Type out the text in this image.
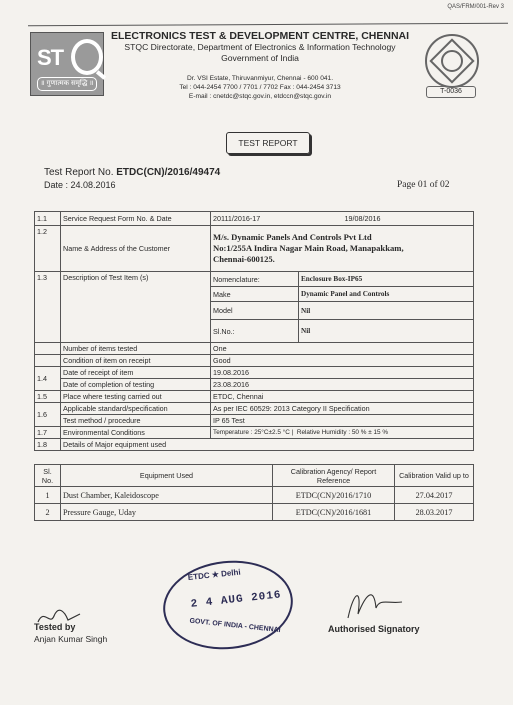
QAS/FRM/001-Rev 3
ST
॥ गुणात्मक समृद्धि ॥
ELECTRONICS TEST & DEVELOPMENT CENTRE, CHENNAI
STQC Directorate, Department of Electronics & Information Technology
Government of India
Dr. VSI Estate, Thiruvanmiyur, Chennai - 600 041.
Tel : 044-2454 7700 / 7701 / 7702 Fax : 044-2454 3713
E-mail : cnetdc@stqc.gov.in, etdccn@stqc.gov.in
T-0036
TEST REPORT
Test Report No. ETDC(CN)/2016/49474
Date : 24.08.2016	Page 01 of 02
1.1	Service Request Form No. & Date	20111/2016-17 19/08/2016	

1.2	Name & Address of the Customer	M/s. Dynamic Panels And Controls Pvt Ltd
No:1/255A Indira Nagar Main Road, Manapakkam,
Chennai-600125.	

1.3	Description of Test Item (s)	Nomenclature:	Enclosure Box-IP65
		Make	Dynamic Panel and Controls
		Model	Nil
		Sl.No.:	Nil
	Number of items tested	One	
	Condition of item on receipt	Good	
1.4	Date of receipt of item	19.08.2016	
	Date of completion of testing	23.08.2016	
1.5	Place where testing carried out	ETDC, Chennai	
1.6	Applicable standard/specification	As per IEC 60529: 2013 Category II Specification	
	Test method / procedure	IP 65 Test	
1.7	Environmental Conditions	Temperature : 25°C±2.5 °C |  Relative Humidity : 50 % ± 15 %	
1.8	Details of Major equipment used		
Sl. No.	Equipment Used	Calibration Agency/ Report Reference	Calibration Valid up to
1	Dust Chamber, Kaleidoscope	ETDC(CN)/2016/1710	27.04.2017
2	Pressure Gauge, Uday	ETDC(CN)/2016/1681	28.03.2017
ETDC ★ Delhi
2 4 AUG 2016
GOVT. OF INDIA - CHENNAI
Tested by
Anjan Kumar Singh
Authorised Signatory
